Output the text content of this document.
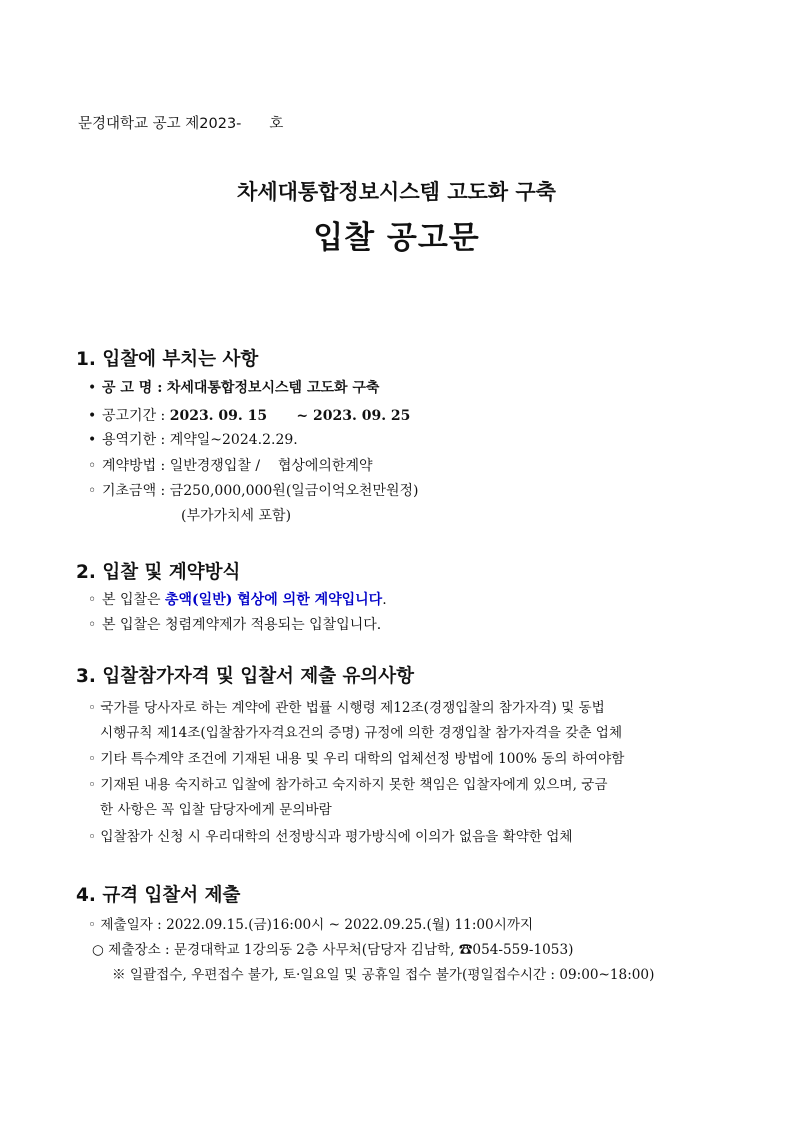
문경대학교 공고 제2023- 호
차세대통합정보시스템 고도화 구축
입찰 공고문
1. 입찰에 부치는 사항
• 공 고 명 : 차세대통합정보시스템 고도화 구축
• 공고기간 : 2023. 09. 15      ~ 2023. 09. 25
• 용역기한 : 계약일~2024.2.29.
◦ 계약방법 : 일반경쟁입찰 /    협상에의한계약
◦ 기초금액 : 금250,000,000원(일금이억오천만원정)
(부가가치세 포함)
2. 입찰 및 계약방식
◦ 본 입찰은 총액(일반) 협상에 의한 계약입니다.
◦ 본 입찰은 청렴계약제가 적용되는 입찰입니다.
3. 입찰참가자격 및 입찰서 제출 유의사항
◦ 국가를 당사자로 하는 계약에 관한 법률 시행령 제12조(경쟁입찰의 참가자격) 및 동법
시행규칙 제14조(입찰참가자격요건의 증명) 규정에 의한 경쟁입찰 참가자격을 갖춘 업체
◦ 기타 특수계약 조건에 기재된 내용 및 우리 대학의 업체선정 방법에 100% 동의 하여야함
◦ 기재된 내용 숙지하고 입찰에 참가하고 숙지하지 못한 책임은 입찰자에게 있으며, 궁금
한 사항은 꼭 입찰 담당자에게 문의바람
◦ 입찰참가 신청 시 우리대학의 선정방식과 평가방식에 이의가 없음을 확약한 업체
4. 규격 입찰서 제출
◦ 제출일자 : 2022.09.15.(금)16:00시 ~ 2022.09.25.(월) 11:00시까지
○ 제출장소 : 문경대학교 1강의동 2층 사무처(담당자 김남학, ☎054-559-1053)
※ 일괄접수, 우편접수 불가, 토·일요일 및 공휴일 접수 불가(평일접수시간 : 09:00~18:00)
